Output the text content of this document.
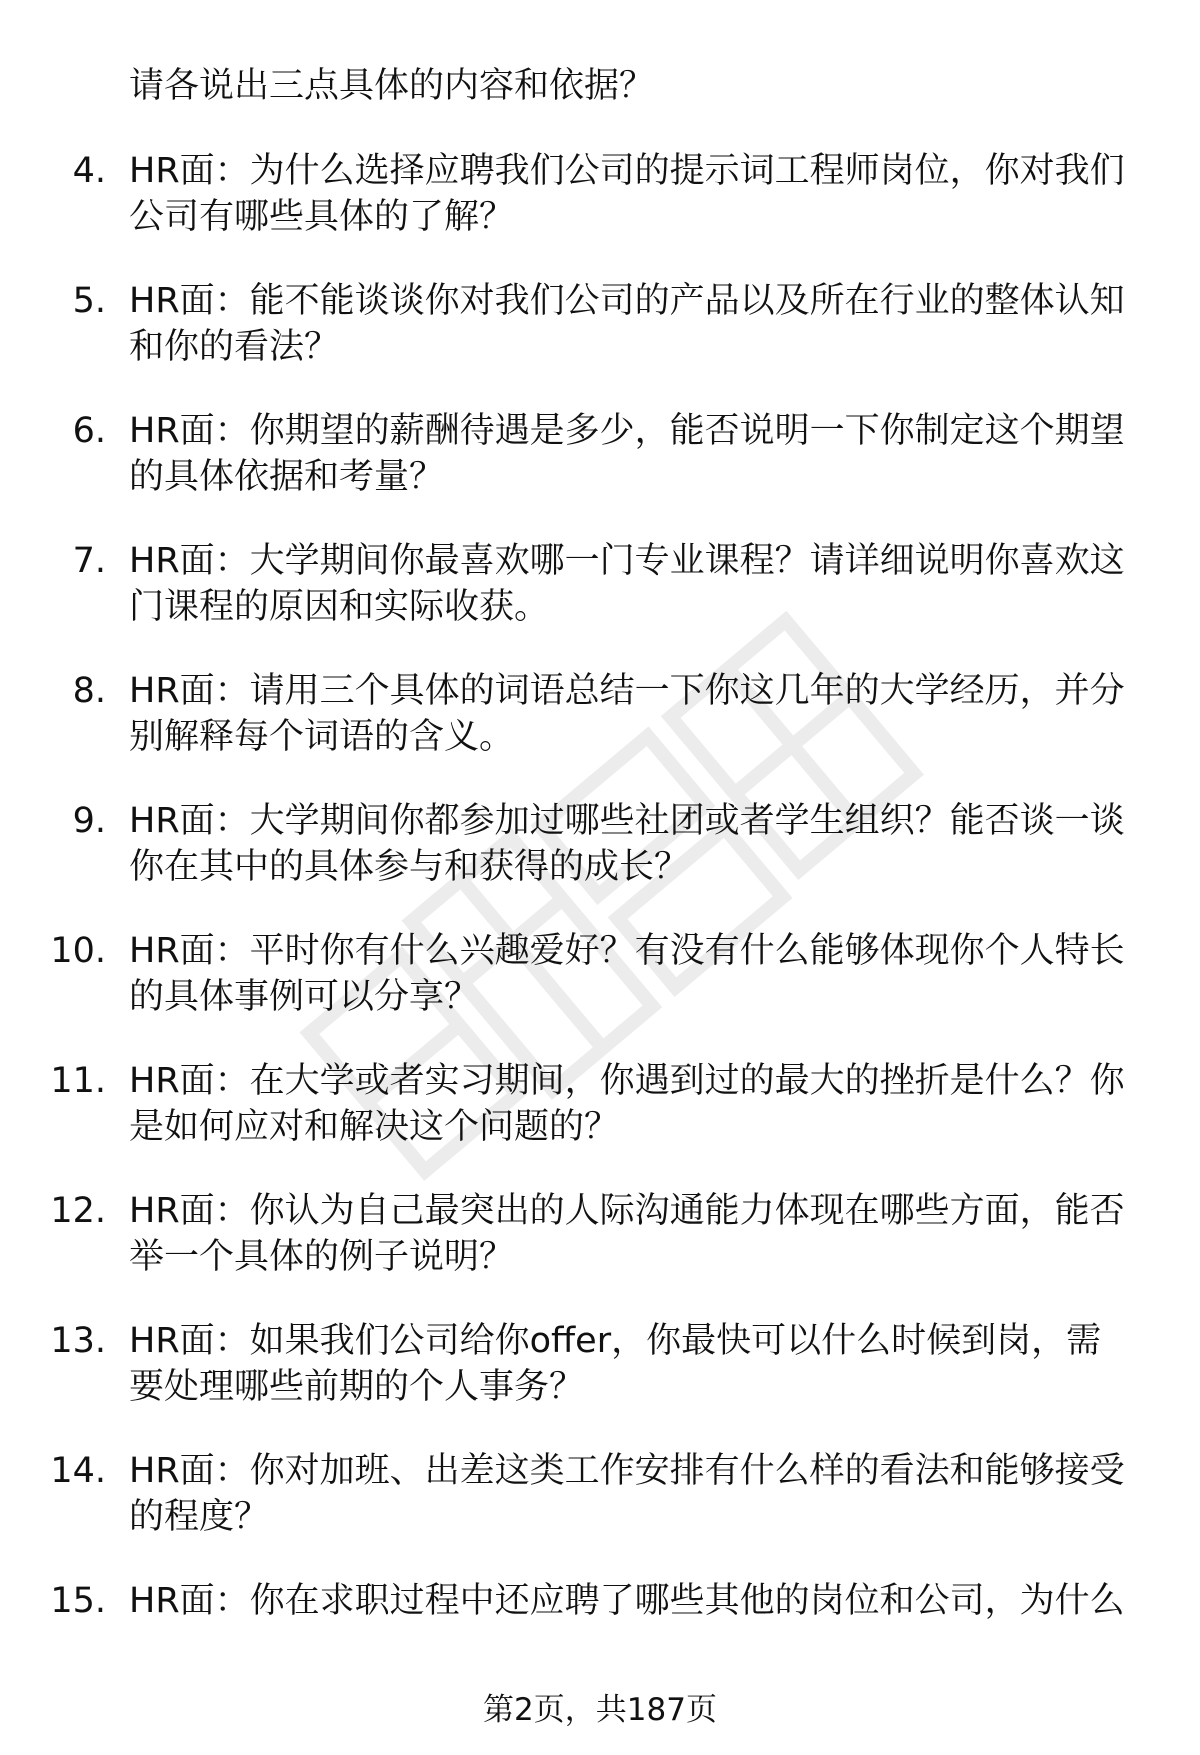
请各说出三点具体的内容和依据？
4. HR面：为什么选择应聘我们公司的提示词工程师岗位，你对我们
公司有哪些具体的了解？
5. HR面：能不能谈谈你对我们公司的产品以及所在行业的整体认知
和你的看法？
6. HR面：你期望的薪酬待遇是多少，能否说明一下你制定这个期望
的具体依据和考量？
7. HR面：大学期间你最喜欢哪一门专业课程？请详细说明你喜欢这
门课程的原因和实际收获。
8. HR面：请用三个具体的词语总结一下你这几年的大学经历，并分
别解释每个词语的含义。
9. HR面：大学期间你都参加过哪些社团或者学生组织？能否谈一谈
你在其中的具体参与和获得的成长？
10. HR面：平时你有什么兴趣爱好？有没有什么能够体现你个人特长
的具体事例可以分享？
11. HR面：在大学或者实习期间，你遇到过的最大的挫折是什么？你
是如何应对和解决这个问题的？
12. HR面：你认为自己最突出的人际沟通能力体现在哪些方面，能否
举一个具体的例子说明？
13. HR面：如果我们公司给你offer，你最快可以什么时候到岗，需
要处理哪些前期的个人事务？
14. HR面：你对加班、出差这类工作安排有什么样的看法和能够接受
的程度？
15. HR面：你在求职过程中还应聘了哪些其他的岗位和公司，为什么
第2页，共187页
